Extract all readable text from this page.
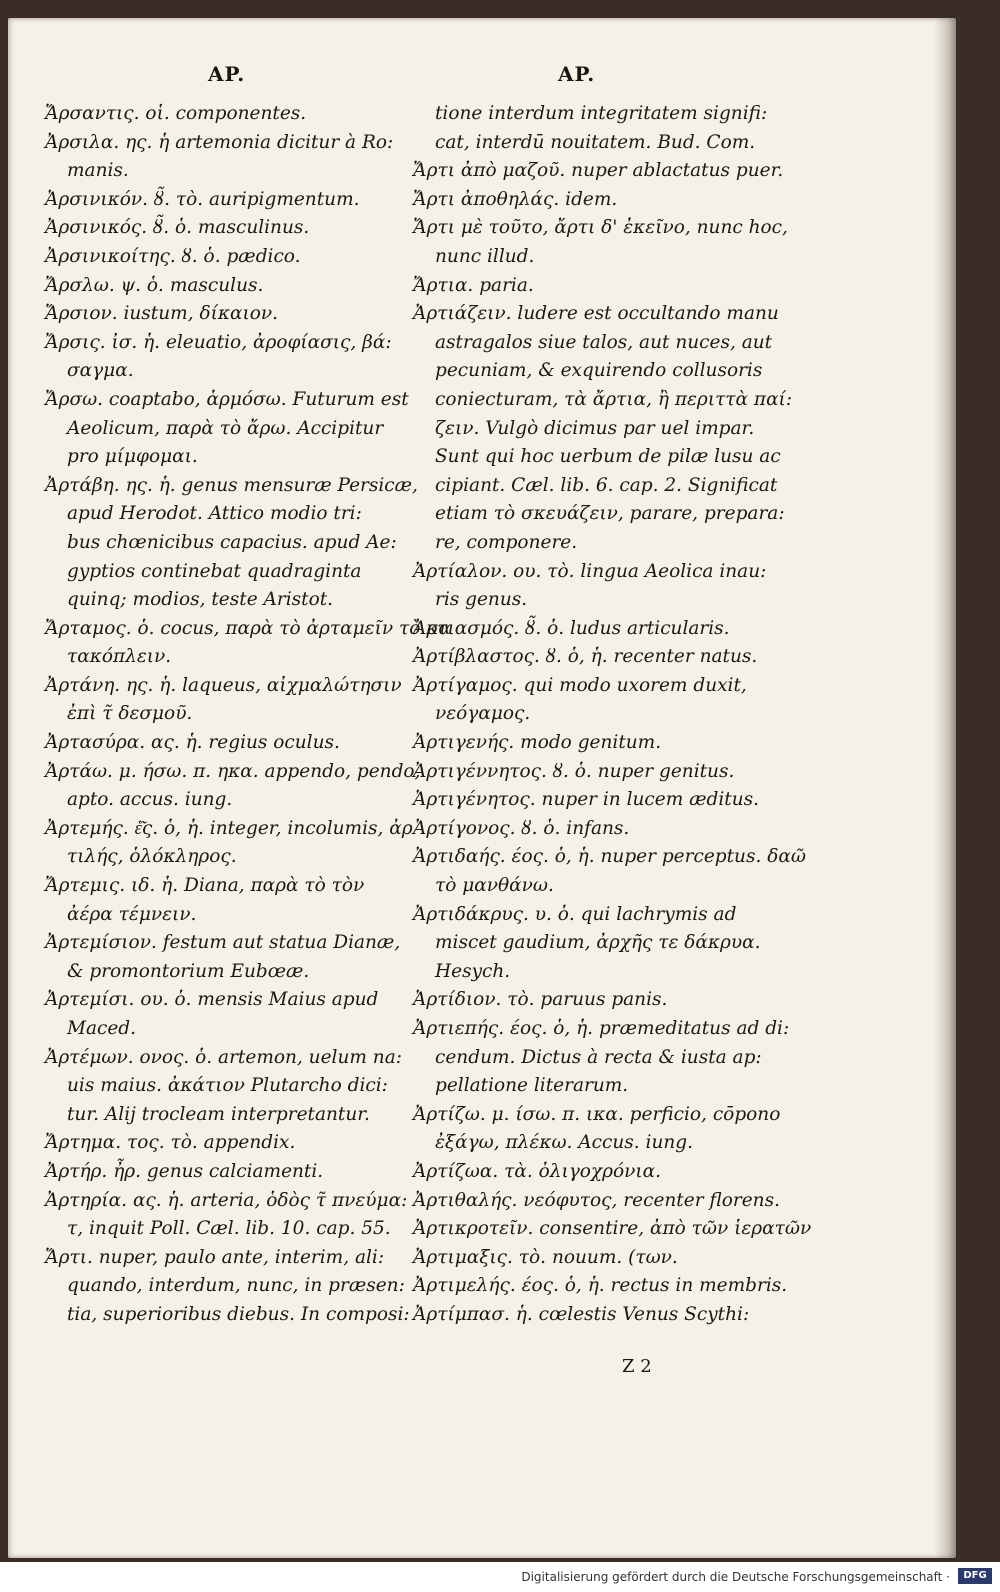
AP.	AP.
Ἄρσαντις. οἱ. componentes.
Ἀρσιλα. ης. ἡ artemonia dicitur à Ro:
manis.
Ἀρσινικόν. ȣ̃. τὸ. auripigmentum.
Ἀρσινικός. ȣ̃. ὁ. masculinus.
Ἀρσινικοίτης. ȣ. ὁ. pædico.
Ἄρσλω. ψ. ὁ. masculus.
Ἄρσιον. iustum, δίκαιον.
Ἄρσις. ἰσ. ἡ. eleuatio, ἀροφίασις, βά:
σαγμα.
Ἄρσω. coaptabo, ἁρμόσω. Futurum est
Aeolicum, παρὰ τὸ ἄρω. Accipitur
pro μίμφομαι.
Ἀρτάβη. ης. ἡ. genus mensuræ Persicæ,
apud Herodot. Attico modio tri:
bus chœnicibus capacius. apud Ae:
gyptios continebat quadraginta
quinq; modios, teste Aristot.
Ἄρταμος. ὁ. cocus, παρὰ τὸ ἀρταμεῖν τὸ κα
τακόπλειν.
Ἀρτάνη. ης. ἡ. laqueus, αἰχμαλώτησιν
ἐπὶ τ̃ δεσμοῦ.
Ἀρτασύρα. ας. ἡ. regius oculus.
Ἀρτάω. μ. ήσω. π. ηκα. appendo, pendo,
apto. accus. iung.
Ἀρτεμής. ἑ͂ς. ὁ, ἡ. integer, incolumis, ἀρ
τιλής, ὁλόκληρος.
Ἄρτεμις. ιδ. ἡ. Diana, παρὰ τὸ τὸν
ἀέρα τέμνειν.
Ἀρτεμίσιον. festum aut statua Dianæ,
& promontorium Eubœæ.
Ἀρτεμίσι. ου. ὁ. mensis Maius apud
Maced.
Ἀρτέμων. ονος. ὁ. artemon, uelum na:
uis maius. ἀκάτιον Plutarcho dici:
tur. Alij trocleam interpretantur.
Ἄρτημα. τος. τὸ. appendix.
Ἀρτήρ. ἦρ. genus calciamenti.
Ἀρτηρία. ας. ἡ. arteria, ὁδὸς τ̃ πνεύμα:
τ, inquit Poll. Cæl. lib. 10. cap. 55.
Ἄρτι. nuper, paulo ante, interim, ali:
quando, interdum, nunc, in præsen:
tia, superioribus diebus. In composi:
tione interdum integritatem signifi:
cat, interdū nouitatem. Bud. Com.
Ἄρτι ἀπὸ μαζοῦ. nuper ablactatus puer.
Ἄρτι ἀποθηλάς. idem.
Ἄρτι μὲ τοῦτο, ἄρτι δ' ἐκεῖνο, nunc hoc,
nunc illud.
Ἄρτια. paria.
Ἀρτιάζειν. ludere est occultando manu
astragalos siue talos, aut nuces, aut
pecuniam, & exquirendo collusoris
coniecturam, τὰ ἄρτια, ἢ περιττὰ παί:
ζειν. Vulgò dicimus par uel impar.
Sunt qui hoc uerbum de pilæ lusu ac
cipiant. Cæl. lib. 6. cap. 2. Significat
etiam τὸ σκευάζειν, parare, prepara:
re, componere.
Ἀρτίαλον. ου. τὸ. lingua Aeolica inau:
ris genus.
Ἀρτιασμός. ȣ̃. ὁ. ludus articularis.
Ἀρτίβλαστος. ȣ. ὁ, ἡ. recenter natus.
Ἀρτίγαμος. qui modo uxorem duxit,
νεόγαμος.
Ἀρτιγενής. modo genitum.
Ἀρτιγέννητος. ȣ. ὁ. nuper genitus.
Ἀρτιγένητος. nuper in lucem æditus.
Ἀρτίγονος. ȣ. ὁ. infans.
Ἀρτιδαής. έος. ὁ, ἡ. nuper perceptus. δαῶ
τὸ μανθάνω.
Ἀρτιδάκρυς. υ. ὁ. qui lachrymis ad
miscet gaudium, ἀρχῆς τε δάκρυα.
Hesych.
Ἀρτίδιον. τὸ. paruus panis.
Ἀρτιεπής. έος. ὁ, ἡ. præmeditatus ad di:
cendum. Dictus à recta & iusta ap:
pellatione literarum.
Ἀρτίζω. μ. ίσω. π. ικα. perficio, cōpono
ἐξάγω, πλέκω. Accus. iung.
Ἀρτίζωα. τὰ. ὀλιγοχρόνια.
Ἀρτιθαλής. νεόφυτος, recenter florens.
Ἀρτικροτεῖν. consentire, ἀπὸ τῶν ἱερατῶν
Ἀρτιμαξις. τὸ. nouum. (των.
Ἀρτιμελής. έος. ὁ, ἡ. rectus in membris.
Ἀρτίμπασ. ἡ. cœlestis Venus Scythi:
Z 2
Digitalisierung gefördert durch die Deutsche Forschungsgemeinschaft ·	DFG
